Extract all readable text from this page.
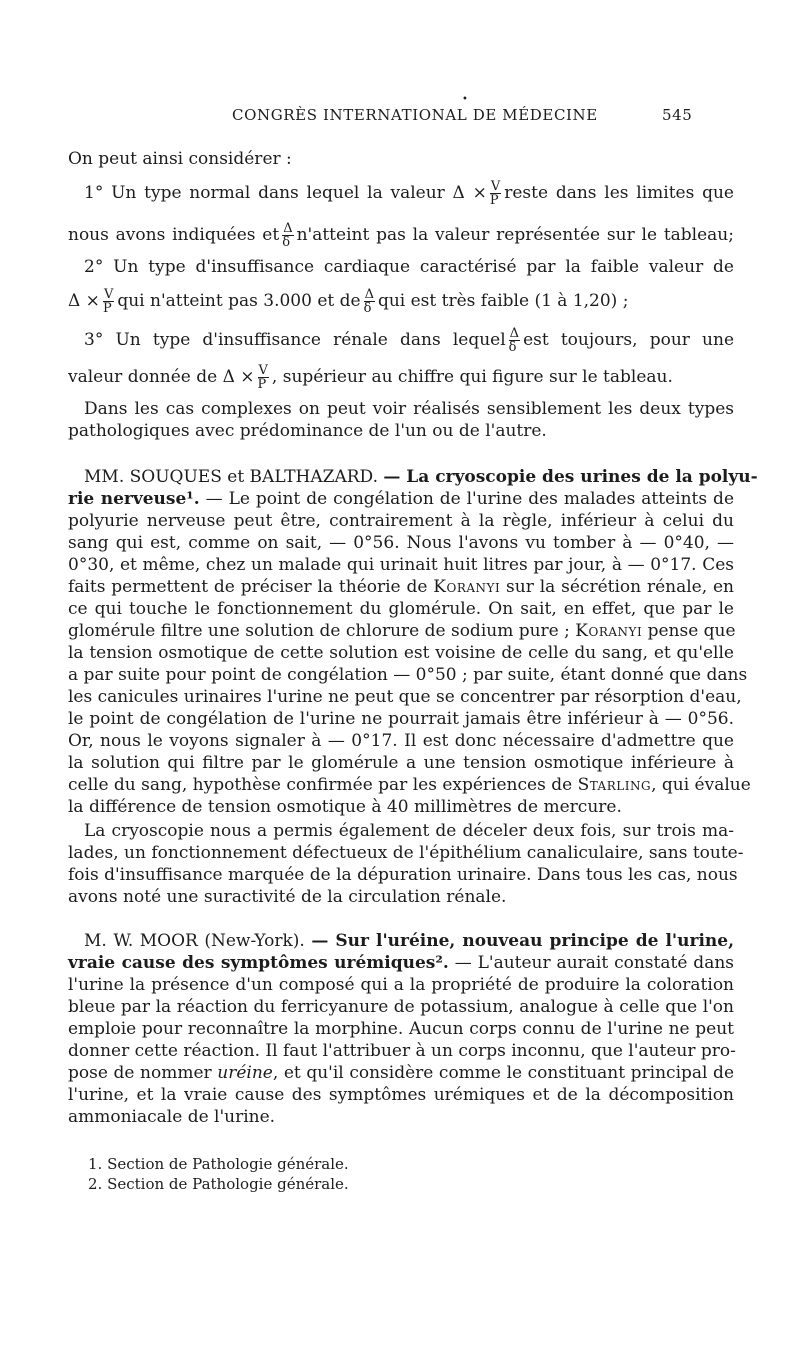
CONGRÈS INTERNATIONAL DE MÉDECINE
•
545
On peut ainsi considérer :
1° Un type normal dans lequel la valeur $\Delta \times \frac{V}{P}$ reste dans les limites que
nous avons indiquées et $\frac{\Delta}{\delta}$ n'atteint pas la valeur représentée sur le tableau;
2° Un type d'insuffisance cardiaque caractérisé par la faible valeur de
$\Delta \times \frac{V}{P}$ qui n'atteint pas 3.000 et de $\frac{\Delta}{\delta}$ qui est très faible (1 à 1,20) ;
3° Un type d'insuffisance rénale dans lequel $\frac{\Delta}{\delta}$ est toujours, pour une
valeur donnée de $\Delta \times \frac{V}{P}$ , supérieur au chiffre qui figure sur le tableau.
Dans les cas complexes on peut voir réalisés sensiblement les deux types
pathologiques avec prédominance de l'un ou de l'autre.
MM. SOUQUES et BALTHAZARD. — La cryoscopie des urines de la polyu-
rie nerveuse¹. — Le point de congélation de l'urine des malades atteints de
polyurie nerveuse peut être, contrairement à la règle, inférieur à celui du
sang qui est, comme on sait, — 0°56. Nous l'avons vu tomber à — 0°40, —
0°30, et même, chez un malade qui urinait huit litres par jour, à — 0°17. Ces
faits permettent de préciser la théorie de Koranyi sur la sécrétion rénale, en
ce qui touche le fonctionnement du glomérule. On sait, en effet, que par le
glomérule filtre une solution de chlorure de sodium pure ; Koranyi pense que
la tension osmotique de cette solution est voisine de celle du sang, et qu'elle
a par suite pour point de congélation — 0°50 ; par suite, étant donné que dans
les canicules urinaires l'urine ne peut que se concentrer par résorption d'eau,
le point de congélation de l'urine ne pourrait jamais être inférieur à — 0°56.
Or, nous le voyons signaler à — 0°17. Il est donc nécessaire d'admettre que
la solution qui filtre par le glomérule a une tension osmotique inférieure à
celle du sang, hypothèse confirmée par les expériences de Starling, qui évalue
la différence de tension osmotique à 40 millimètres de mercure.
La cryoscopie nous a permis également de déceler deux fois, sur trois ma-
lades, un fonctionnement défectueux de l'épithélium canaliculaire, sans toute-
fois d'insuffisance marquée de la dépuration urinaire. Dans tous les cas, nous
avons noté une suractivité de la circulation rénale.
M. W. MOOR (New-York). — Sur l'uréine, nouveau principe de l'urine,
vraie cause des symptômes urémiques². — L'auteur aurait constaté dans
l'urine la présence d'un composé qui a la propriété de produire la coloration
bleue par la réaction du ferricyanure de potassium, analogue à celle que l'on
emploie pour reconnaître la morphine. Aucun corps connu de l'urine ne peut
donner cette réaction. Il faut l'attribuer à un corps inconnu, que l'auteur pro-
pose de nommer uréine, et qu'il considère comme le constituant principal de
l'urine, et la vraie cause des symptômes urémiques et de la décomposition
ammoniacale de l'urine.
1. Section de Pathologie générale.
2. Section de Pathologie générale.
